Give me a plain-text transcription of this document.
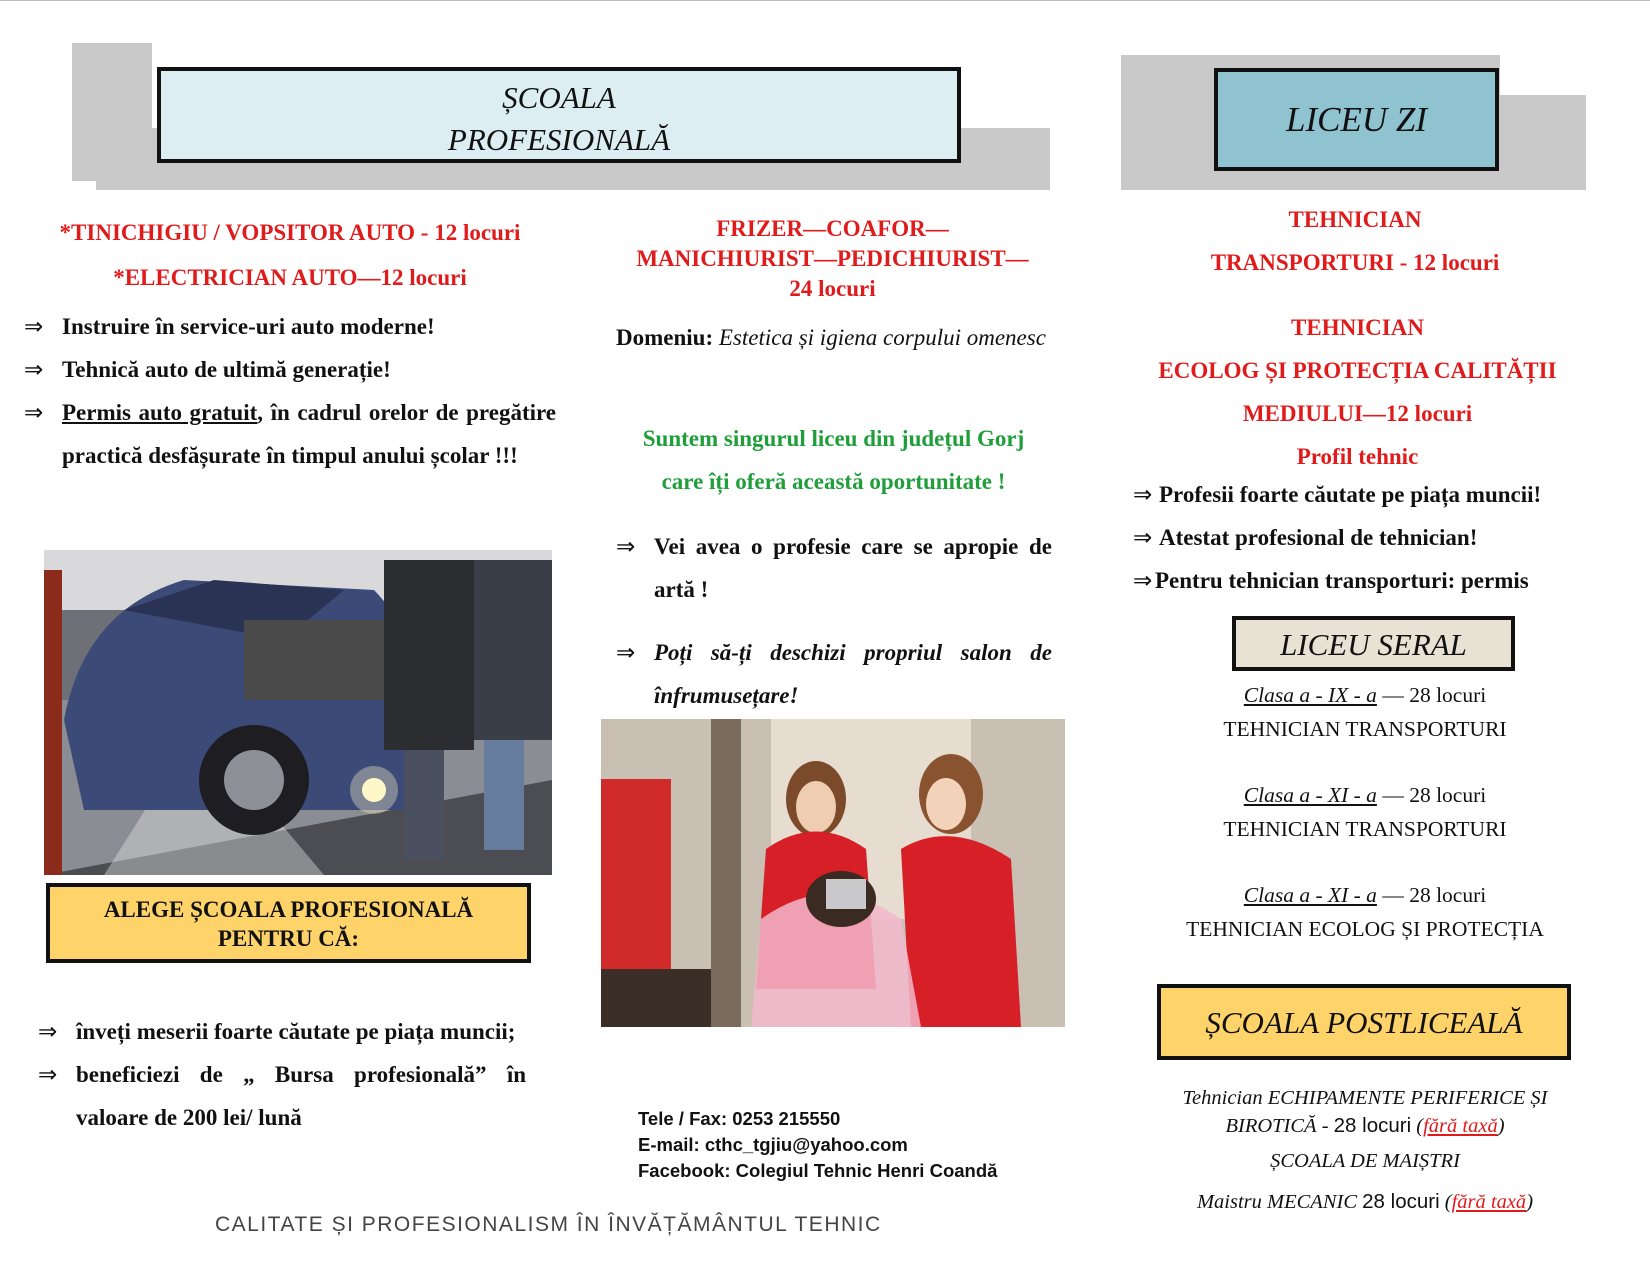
ȘCOALA
PROFESIONALĂ
*TINICHIGIU / VOPSITOR AUTO - 12 locuri
*ELECTRICIAN AUTO—12 locuri
⇒ Instruire în service-uri auto moderne!
⇒ Tehnică auto de ultimă generație!
⇒ Permis auto gratuit, în cadrul orelor de pregătire practică desfășurate în timpul anului școlar !!!
ALEGE ȘCOALA PROFESIONALĂ
PENTRU CĂ:
⇒ înveți meserii foarte căutate pe piața muncii;
⇒ beneficiezi de „ Bursa profesională” în valoare de 200 lei/ lună
CALITATE ȘI PROFESIONALISM ÎN ÎNVĂȚĂMÂNTUL TEHNIC
FRIZER—COAFOR—
MANICHIURIST—PEDICHIURIST—
24 locuri
Domeniu: Estetica și igiena corpului omenesc
Suntem singurul liceu din județul Gorj
care îți oferă această oportunitate !
⇒ Vei avea o profesie care se apropie de artă !
⇒ Poți să-ți deschizi propriul salon de înfrumusețare!
Tele / Fax: 0253 215550
E-mail: cthc_tgjiu@yahoo.com
Facebook: Colegiul Tehnic Henri Coandă
LICEU ZI
TEHNICIAN
TRANSPORTURI - 12 locuri
TEHNICIAN
ECOLOG ȘI PROTECȚIA CALITĂȚII
MEDIULUI—12 locuri
Profil tehnic
⇒ Profesii foarte căutate pe piața muncii!
⇒ Atestat profesional de tehnician!
⇒ Pentru tehnician transporturi: permis
LICEU SERAL
Clasa a - IX - a — 28 locuri
TEHNICIAN TRANSPORTURI
Clasa a - XI - a — 28 locuri
TEHNICIAN TRANSPORTURI
Clasa a - XI - a — 28 locuri
TEHNICIAN ECOLOG ȘI PROTECȚIA
ȘCOALA POSTLICEALĂ
Tehnician ECHIPAMENTE PERIFERICE ȘI
BIROTICĂ - 28 locuri (fără taxă)
ȘCOALA DE MAIȘTRI
Maistru MECANIC 28 locuri (fără taxă)
